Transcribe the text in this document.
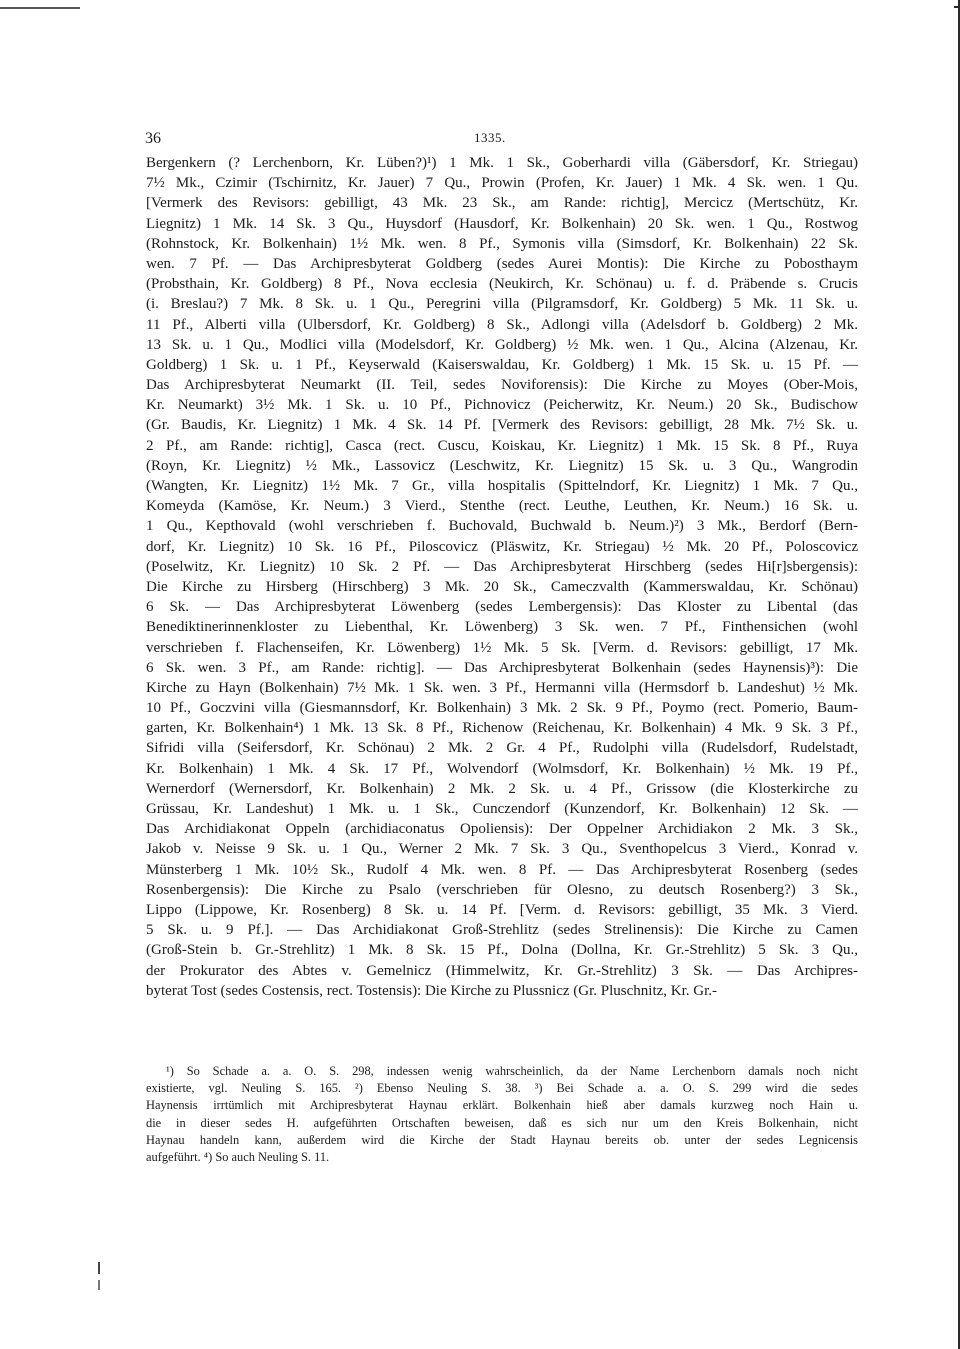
36	1335.
Bergenkern (? Lerchenborn, Kr. Lüben?)¹) 1 Mk. 1 Sk., Goberhardi villa (Gäbersdorf, Kr. Striegau)
7½ Mk., Czimir (Tschirnitz, Kr. Jauer) 7 Qu., Prowin (Profen, Kr. Jauer) 1 Mk. 4 Sk. wen. 1 Qu.
[Vermerk des Revisors: gebilligt, 43 Mk. 23 Sk., am Rande: richtig], Mercicz (Mertschütz, Kr.
Liegnitz) 1 Mk. 14 Sk. 3 Qu., Huysdorf (Hausdorf, Kr. Bolkenhain) 20 Sk. wen. 1 Qu., Rostwog
(Rohnstock, Kr. Bolkenhain) 1½ Mk. wen. 8 Pf., Symonis villa (Simsdorf, Kr. Bolkenhain) 22 Sk.
wen. 7 Pf. — Das Archipresbyterat Goldberg (sedes Aurei Montis): Die Kirche zu Pobosthaym
(Probsthain, Kr. Goldberg) 8 Pf., Nova ecclesia (Neukirch, Kr. Schönau) u. f. d. Präbende s. Crucis
(i. Breslau?) 7 Mk. 8 Sk. u. 1 Qu., Peregrini villa (Pilgramsdorf, Kr. Goldberg) 5 Mk. 11 Sk. u.
11 Pf., Alberti villa (Ulbersdorf, Kr. Goldberg) 8 Sk., Adlongi villa (Adelsdorf b. Goldberg) 2 Mk.
13 Sk. u. 1 Qu., Modlici villa (Modelsdorf, Kr. Goldberg) ½ Mk. wen. 1 Qu., Alcina (Alzenau, Kr.
Goldberg) 1 Sk. u. 1 Pf., Keyserwald (Kaiserswaldau, Kr. Goldberg) 1 Mk. 15 Sk. u. 15 Pf. —
Das Archipresbyterat Neumarkt (II. Teil, sedes Noviforensis): Die Kirche zu Moyes (Ober-Mois,
Kr. Neumarkt) 3½ Mk. 1 Sk. u. 10 Pf., Pichnovicz (Peicherwitz, Kr. Neum.) 20 Sk., Budischow
(Gr. Baudis, Kr. Liegnitz) 1 Mk. 4 Sk. 14 Pf. [Vermerk des Revisors: gebilligt, 28 Mk. 7½ Sk. u.
2 Pf., am Rande: richtig], Casca (rect. Cuscu, Koiskau, Kr. Liegnitz) 1 Mk. 15 Sk. 8 Pf., Ruya
(Royn, Kr. Liegnitz) ½ Mk., Lassovicz (Leschwitz, Kr. Liegnitz) 15 Sk. u. 3 Qu., Wangrodin
(Wangten, Kr. Liegnitz) 1½ Mk. 7 Gr., villa hospitalis (Spittelndorf, Kr. Liegnitz) 1 Mk. 7 Qu.,
Komeyda (Kamöse, Kr. Neum.) 3 Vierd., Stenthe (rect. Leuthe, Leuthen, Kr. Neum.) 16 Sk. u.
1 Qu., Kepthovald (wohl verschrieben f. Buchovald, Buchwald b. Neum.)²) 3 Mk., Berdorf (Bern-
dorf, Kr. Liegnitz) 10 Sk. 16 Pf., Piloscovicz (Pläswitz, Kr. Striegau) ½ Mk. 20 Pf., Poloscovicz
(Poselwitz, Kr. Liegnitz) 10 Sk. 2 Pf. — Das Archipresbyterat Hirschberg (sedes Hi[r]sbergensis):
Die Kirche zu Hirsberg (Hirschberg) 3 Mk. 20 Sk., Cameczvalth (Kammerswaldau, Kr. Schönau)
6 Sk. — Das Archipresbyterat Löwenberg (sedes Lembergensis): Das Kloster zu Libental (das
Benediktinerinnenkloster zu Liebenthal, Kr. Löwenberg) 3 Sk. wen. 7 Pf., Finthensichen (wohl
verschrieben f. Flachenseifen, Kr. Löwenberg) 1½ Mk. 5 Sk. [Verm. d. Revisors: gebilligt, 17 Mk.
6 Sk. wen. 3 Pf., am Rande: richtig]. — Das Archipresbyterat Bolkenhain (sedes Haynensis)³): Die
Kirche zu Hayn (Bolkenhain) 7½ Mk. 1 Sk. wen. 3 Pf., Hermanni villa (Hermsdorf b. Landeshut) ½ Mk.
10 Pf., Goczvini villa (Giesmannsdorf, Kr. Bolkenhain) 3 Mk. 2 Sk. 9 Pf., Poymo (rect. Pomerio, Baum-
garten, Kr. Bolkenhain⁴) 1 Mk. 13 Sk. 8 Pf., Richenow (Reichenau, Kr. Bolkenhain) 4 Mk. 9 Sk. 3 Pf.,
Sifridi villa (Seifersdorf, Kr. Schönau) 2 Mk. 2 Gr. 4 Pf., Rudolphi villa (Rudelsdorf, Rudelstadt,
Kr. Bolkenhain) 1 Mk. 4 Sk. 17 Pf., Wolvendorf (Wolmsdorf, Kr. Bolkenhain) ½ Mk. 19 Pf.,
Wernerdorf (Wernersdorf, Kr. Bolkenhain) 2 Mk. 2 Sk. u. 4 Pf., Grissow (die Klosterkirche zu
Grüssau, Kr. Landeshut) 1 Mk. u. 1 Sk., Cunczendorf (Kunzendorf, Kr. Bolkenhain) 12 Sk. —
Das Archidiakonat Oppeln (archidiaconatus Opoliensis): Der Oppelner Archidiakon 2 Mk. 3 Sk.,
Jakob v. Neisse 9 Sk. u. 1 Qu., Werner 2 Mk. 7 Sk. 3 Qu., Sventhopelcus 3 Vierd., Konrad v.
Münsterberg 1 Mk. 10½ Sk., Rudolf 4 Mk. wen. 8 Pf. — Das Archipresbyterat Rosenberg (sedes
Rosenbergensis): Die Kirche zu Psalo (verschrieben für Olesno, zu deutsch Rosenberg?) 3 Sk.,
Lippo (Lippowe, Kr. Rosenberg) 8 Sk. u. 14 Pf. [Verm. d. Revisors: gebilligt, 35 Mk. 3 Vierd.
5 Sk. u. 9 Pf.]. — Das Archidiakonat Groß-Strehlitz (sedes Strelinensis): Die Kirche zu Camen
(Groß-Stein b. Gr.-Strehlitz) 1 Mk. 8 Sk. 15 Pf., Dolna (Dollna, Kr. Gr.-Strehlitz) 5 Sk. 3 Qu.,
der Prokurator des Abtes v. Gemelnicz (Himmelwitz, Kr. Gr.-Strehlitz) 3 Sk. — Das Archipres-
byterat Tost (sedes Costensis, rect. Tostensis): Die Kirche zu Plussnicz (Gr. Pluschnitz, Kr. Gr.-
¹) So Schade a. a. O. S. 298, indessen wenig wahrscheinlich, da der Name Lerchenborn damals noch nicht
existierte, vgl. Neuling S. 165. ²) Ebenso Neuling S. 38. ³) Bei Schade a. a. O. S. 299 wird die sedes
Haynensis irrtümlich mit Archipresbyterat Haynau erklärt. Bolkenhain hieß aber damals kurzweg noch Hain u.
die in dieser sedes H. aufgeführten Ortschaften beweisen, daß es sich nur um den Kreis Bolkenhain, nicht
Haynau handeln kann, außerdem wird die Kirche der Stadt Haynau bereits ob. unter der sedes Legnicensis
aufgeführt. ⁴) So auch Neuling S. 11.
